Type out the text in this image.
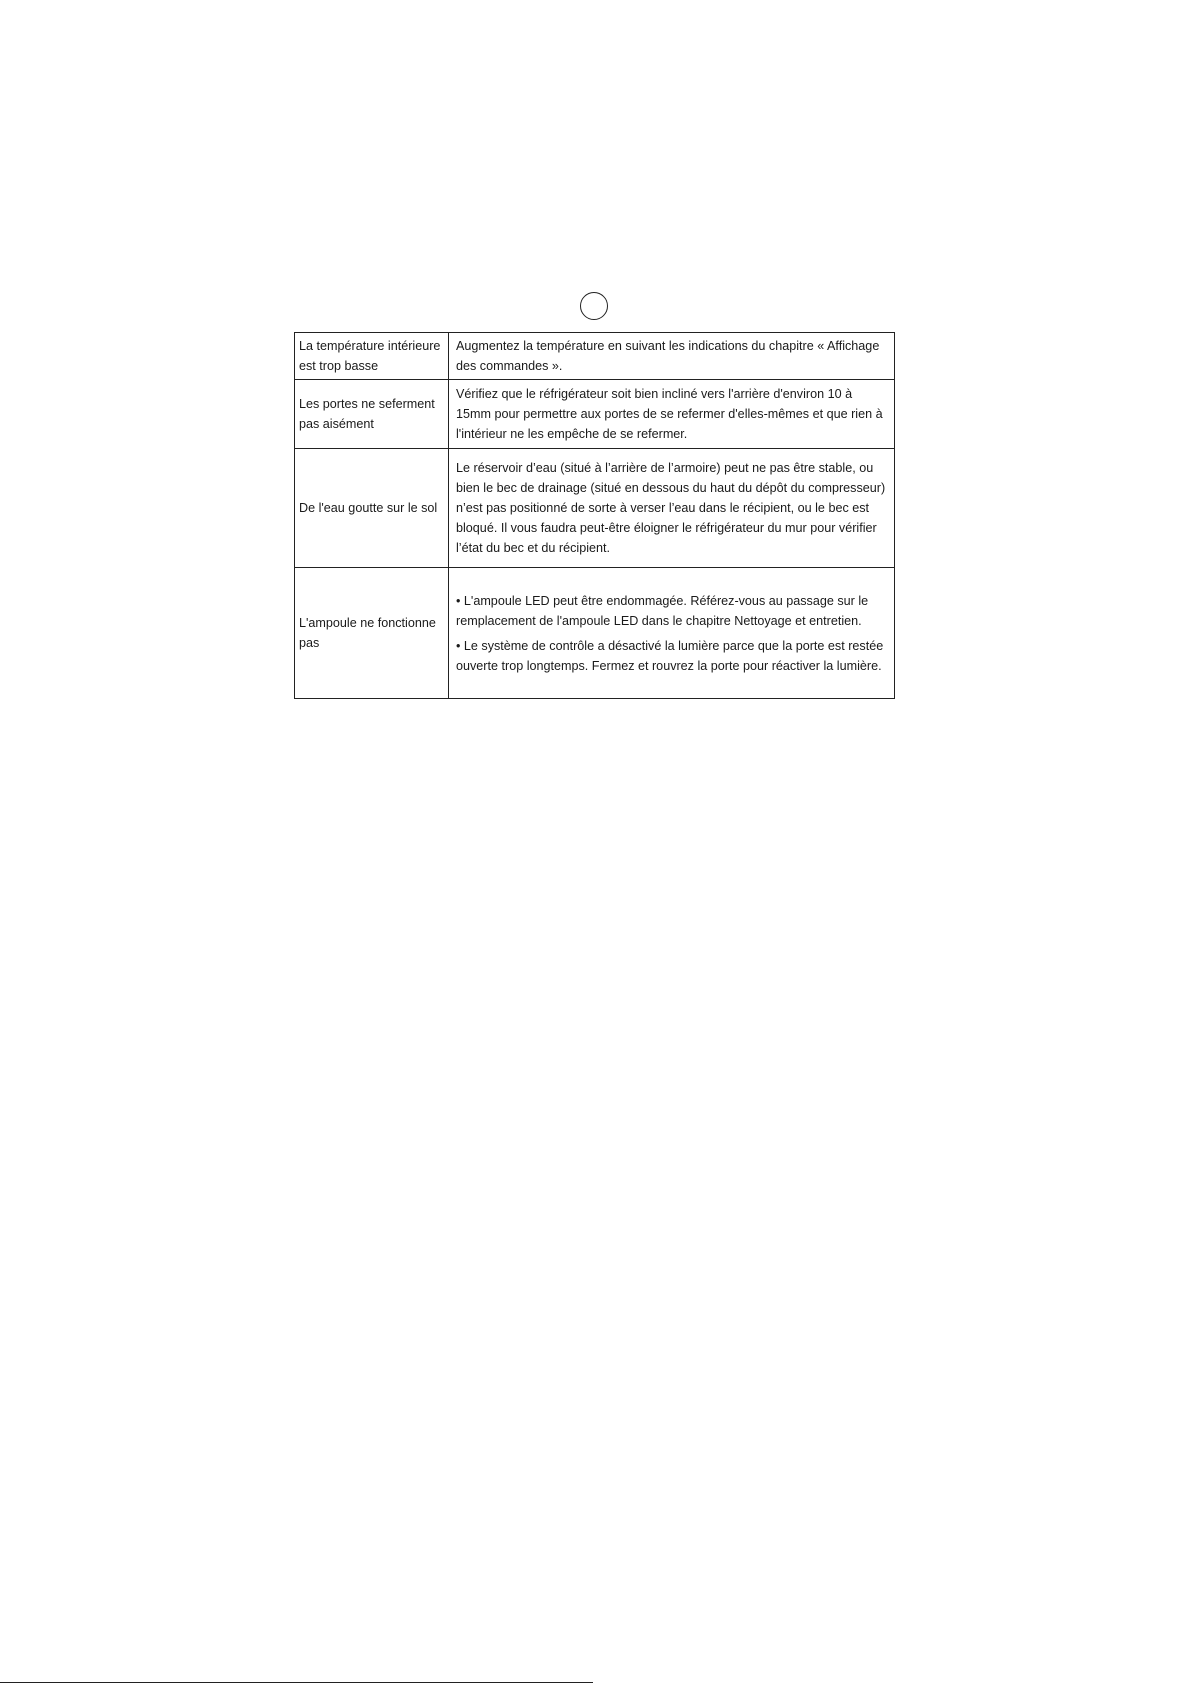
La température intérieure est trop basse	Augmentez la température en suivant les indications du chapitre « Affichage des commandes ».

Les portes ne seferment pas aisément	Vérifiez que le réfrigérateur soit bien incliné vers l'arrière d'environ 10 à 15mm pour permettre aux portes de se refermer d'elles-mêmes et que rien à l'intérieur ne les empêche de se refermer.

De l'eau goutte sur le sol	Le réservoir d’eau (situé à l’arrière de l’armoire) peut ne pas être stable, ou bien le bec de drainage (situé en dessous du haut du dépôt du compresseur) n’est pas positionné de sorte à verser l’eau dans le récipient, ou le bec est bloqué. Il vous faudra peut-être éloigner le réfrigérateur du mur pour vérifier l’état du bec et du récipient.

L'ampoule ne fonctionne pas	• L'ampoule LED peut être endommagée. Référez-vous au passage sur le remplacement de l'ampoule LED dans le chapitre Nettoyage et entretien.
• Le système de contrôle a désactivé la lumière parce que la porte est restée ouverte trop longtemps. Fermez et rouvrez la porte pour réactiver la lumière.
